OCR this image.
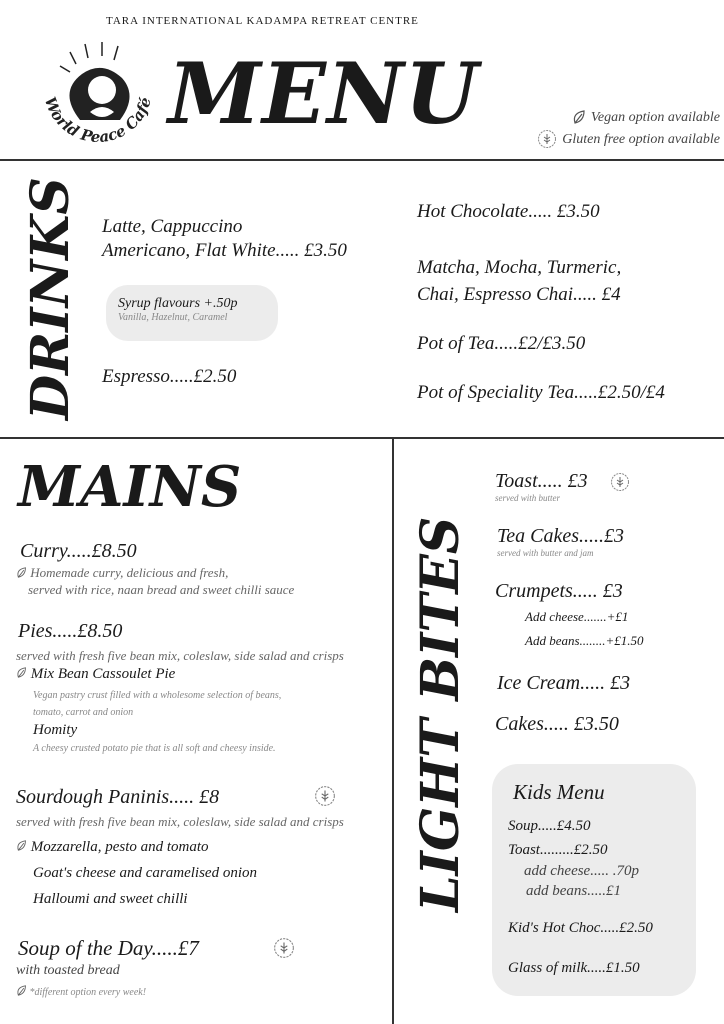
TARA INTERNATIONAL KADAMPA RETREAT CENTRE
World Peace Café MENU	Vegan option available
Gluten free option available
DRINKS Latte, Cappuccino
Americano, Flat White..... £3.50
Syrup flavours +.50p
Vanilla, Hazelnut, Caramel
Espresso.....£2.50
Hot Chocolate..... £3.50
Matcha, Mocha, Turmeric,
Chai, Espresso Chai..... £4
Pot of Tea.....£2/£3.50
Pot of Speciality Tea.....£2.50/£4
MAINS
Curry.....£8.50
Homemade curry, delicious and fresh,
served with rice, naan bread and sweet chilli sauce
Pies.....£8.50
served with fresh five bean mix, coleslaw, side salad and crisps
Mix Bean Cassoulet Pie
Vegan pastry crust filled with a wholesome selection of beans,
tomato, carrot and onion
Homity
A cheesy crusted potato pie that is all soft and cheesy inside.
Sourdough Paninis..... £8
served with fresh five bean mix, coleslaw, side salad and crisps
Mozzarella, pesto and tomato
Goat's cheese and caramelised onion
Halloumi and sweet chilli
Soup of the Day.....£7
with toasted bread
*different option every week!
LIGHT BITES
Toast..... £3
served with butter
Tea Cakes.....£3
served with butter and jam
Crumpets..... £3
Add cheese.......+£1
Add beans........+£1.50
Ice Cream..... £3
Cakes..... £3.50
Kids Menu
Soup.....£4.50
Toast.........£2.50
add cheese..... .70p
add beans.....£1
Kid's Hot Choc.....£2.50
Glass of milk.....£1.50
